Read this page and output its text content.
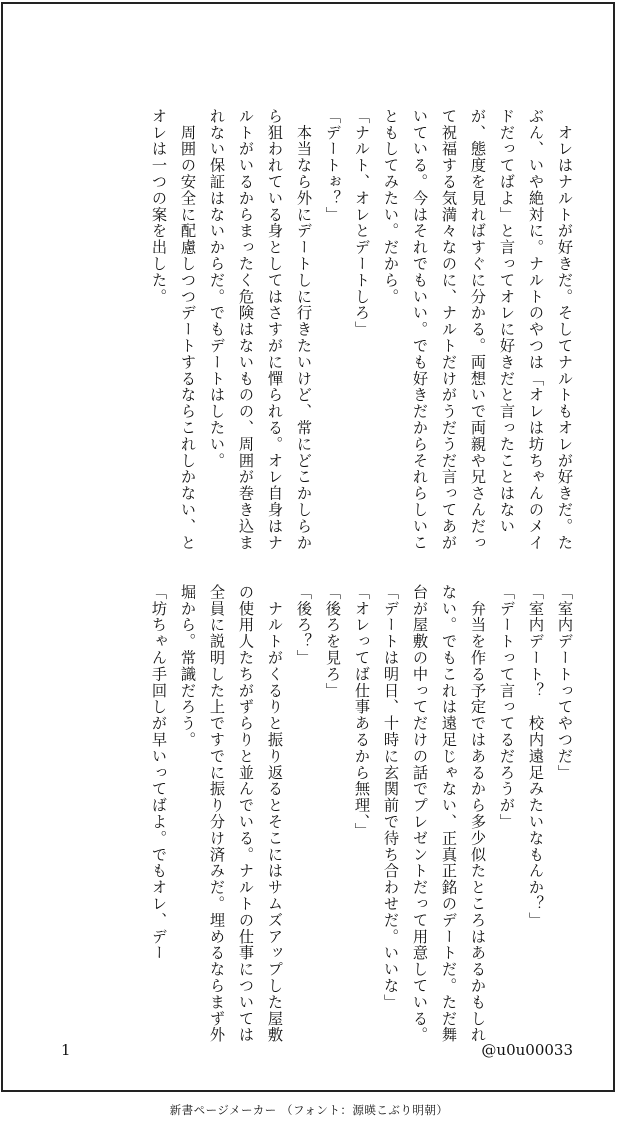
　オレはナルトが好きだ。そしてナルトもオレが好きだ。たぶん、いや絶対に。ナルトのやつは「オレは坊ちゃんのメイドだってばよ」と言ってオレに好きだと言ったことはないが、態度を見ればすぐに分かる。両想いで両親や兄さんだって祝福する気満々なのに、ナルトだけがうだうだ言ってあがいている。今はそれでもいい。でも好きだからそれらしいこともしてみたい。だから。
「ナルト、オレとデートしろ」
「デートぉ？」
　本当なら外にデートしに行きたいけど、常にどこかしらから狙われている身としてはさすがに憚られる。オレ自身はナルトがいるからまったく危険はないものの、周囲が巻き込まれない保証はないからだ。でもデートはしたい。
　周囲の安全に配慮しつつデートするならこれしかない、とオレは一つの案を出した。
「室内デートってやつだ」
「室内デート？　校内遠足みたいなもんか？」
「デートって言ってるだろうが」
　弁当を作る予定ではあるから多少似たところはあるかもしれない。でもこれは遠足じゃない、正真正銘のデートだ。ただ舞台が屋敷の中ってだけの話でプレゼントだって用意している。
「デートは明日、十時に玄関前で待ち合わせだ。いいな」
「オレってば仕事あるから無理、」
「後ろを見ろ」
「後ろ？」
　ナルトがくるりと振り返るとそこにはサムズアップした屋敷の使用人たちがずらりと並んでいる。ナルトの仕事については全員に説明した上ですでに振り分け済みだ。埋めるならまず外堀から。常識だろう。
「坊ちゃん手回しが早いってばよ。でもオレ、デー
1	@u0u00033
新書ページメーカー （フォント：源暎こぶり明朝）
